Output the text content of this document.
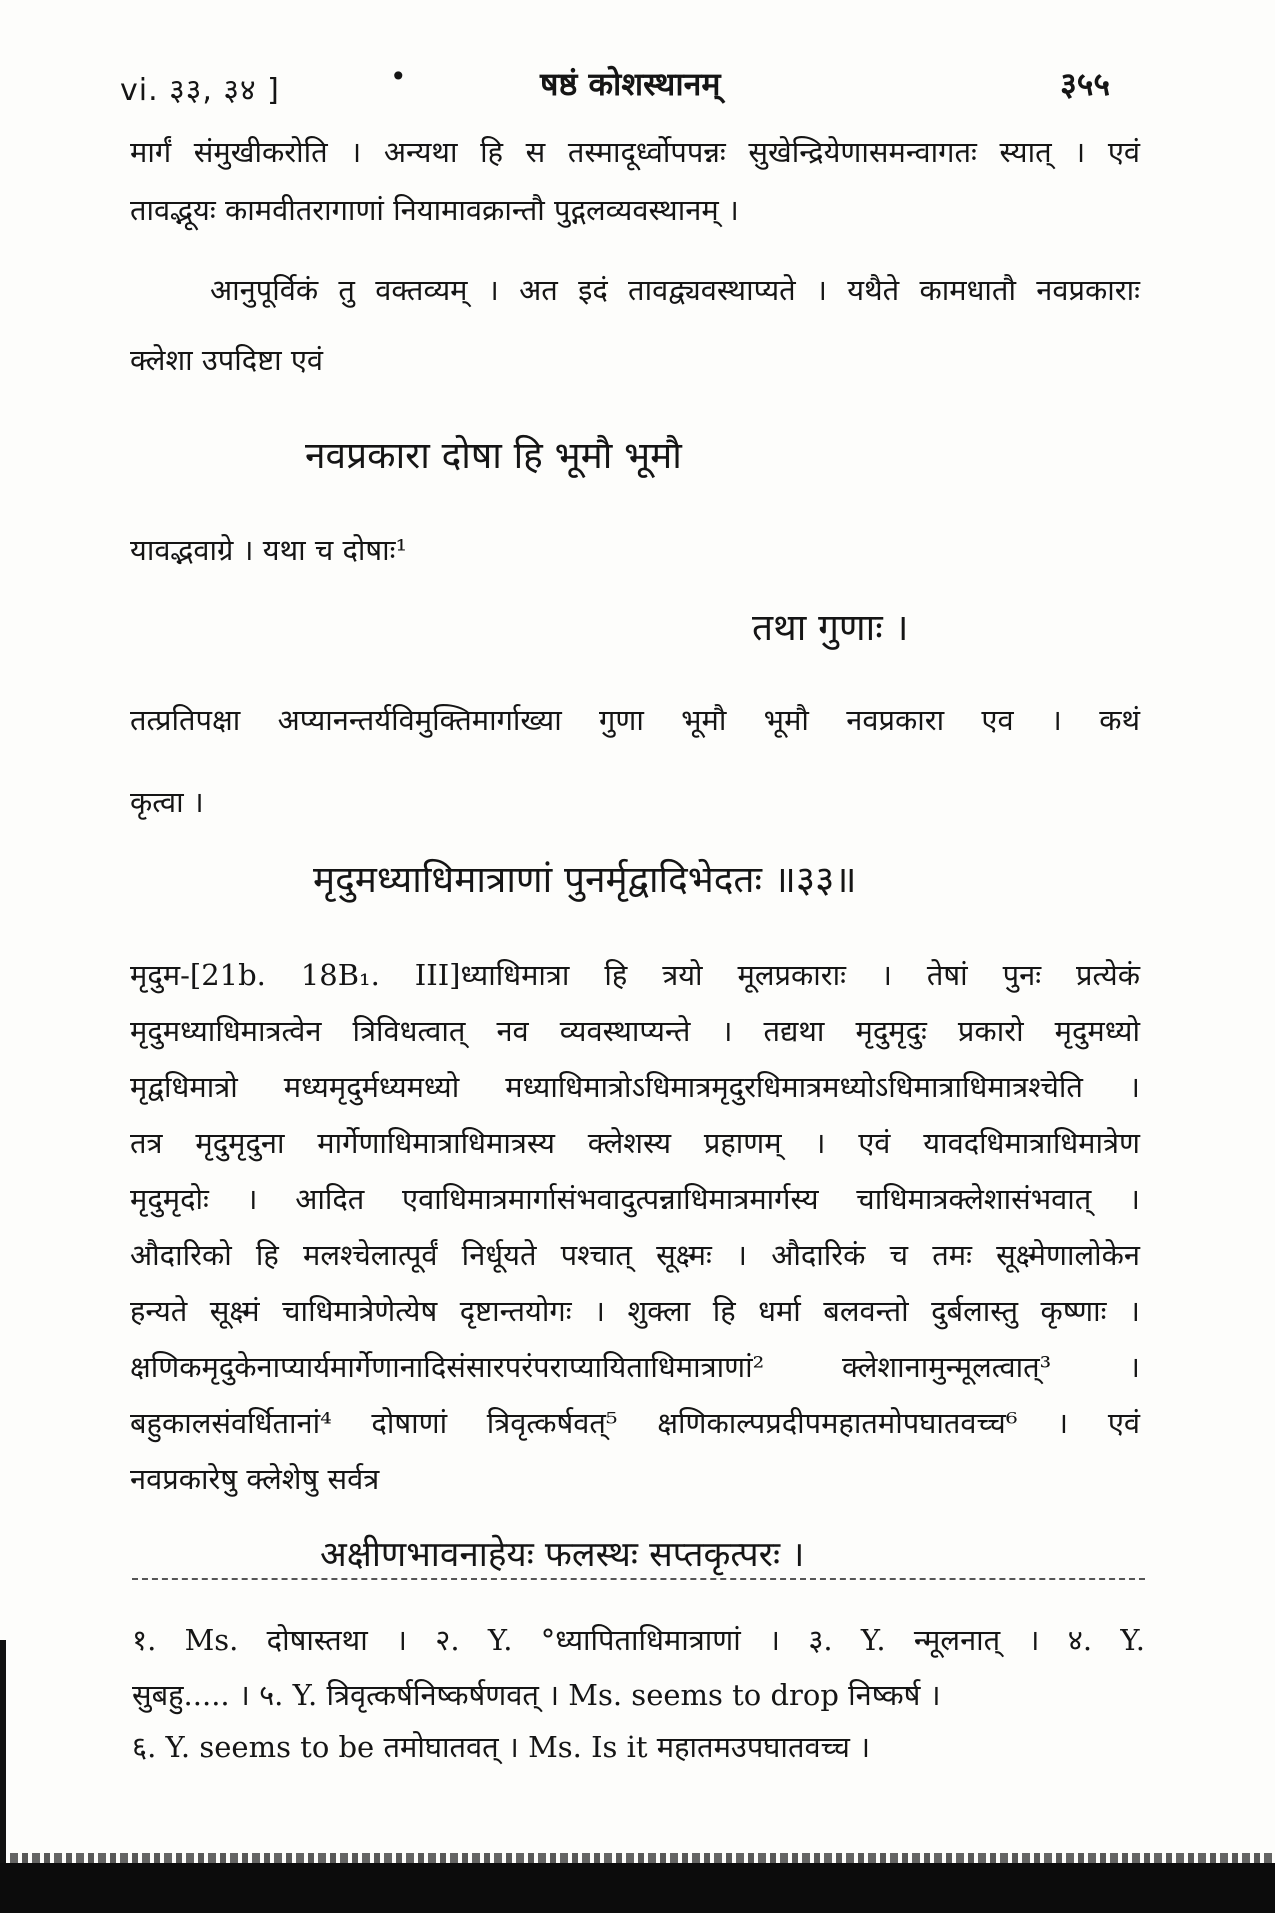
vi. ३३, ३४ ]	•	षष्ठं कोशस्थानम्	३५५
मार्गं संमुखीकरोति । अन्यथा हि स तस्मादूर्ध्वोपपन्नः सुखेन्द्रियेणासमन्वागतः स्यात् । एवं
तावद्भूयः कामवीतरागाणां नियामावक्रान्तौ पुद्गलव्यवस्थानम् ।
आनुपूर्विकं तु वक्तव्यम् । अत इदं तावद्व्यवस्थाप्यते । यथैते कामधातौ नवप्रकाराः
क्लेशा उपदिष्टा एवं
नवप्रकारा दोषा हि भूमौ भूमौ
यावद्भवाग्रे । यथा च दोषाः¹
तथा गुणाः ।
तत्प्रतिपक्षा अप्यानन्तर्यविमुक्तिमार्गाख्या गुणा भूमौ भूमौ नवप्रकारा एव । कथं
कृत्वा ।
मृदुमध्याधिमात्राणां पुनर्मृद्वादिभेदतः ॥३३॥
मृदुम-[21b. 18B₁. III]ध्याधिमात्रा हि त्रयो मूलप्रकाराः । तेषां पुनः प्रत्येकं
मृदुमध्याधिमात्रत्वेन त्रिविधत्वात् नव व्यवस्थाप्यन्ते । तद्यथा मृदुमृदुः प्रकारो मृदुमध्यो
मृद्वधिमात्रो मध्यमृदुर्मध्यमध्यो मध्याधिमात्रोऽधिमात्रमृदुरधिमात्रमध्योऽधिमात्राधिमात्रश्चेति ।
तत्र मृदुमृदुना मार्गेणाधिमात्राधिमात्रस्य क्लेशस्य प्रहाणम् । एवं यावदधिमात्राधिमात्रेण
मृदुमृदोः । आदित एवाधिमात्रमार्गासंभवादुत्पन्नाधिमात्रमार्गस्य चाधिमात्रक्लेशासंभवात् ।
औदारिको हि मलश्चेलात्पूर्वं निर्धूयते पश्चात् सूक्ष्मः । औदारिकं च तमः सूक्ष्मेणालोकेन
हन्यते सूक्ष्मं चाधिमात्रेणेत्येष दृष्टान्तयोगः । शुक्ला हि धर्मा बलवन्तो दुर्बलास्तु कृष्णाः ।
क्षणिकमृदुकेनाप्यार्यमार्गेणानादिसंसारपरंपराप्यायिताधिमात्राणां² क्लेशानामुन्मूलत्वात्³ ।
बहुकालसंवर्धितानां⁴ दोषाणां त्रिवृत्कर्षवत्⁵ क्षणिकाल्पप्रदीपमहातमोपघातवच्च⁶ । एवं
नवप्रकारेषु क्लेशेषु सर्वत्र
अक्षीणभावनाहेयः फलस्थः सप्तकृत्परः ।
१. Ms. दोषास्तथा । २. Y. °ध्यापिताधिमात्राणां । ३. Y. न्मूलनात् । ४. Y.
सुबहु..... । ५. Y. त्रिवृत्कर्षनिष्कर्षणवत् । Ms. seems to drop निष्कर्ष ।
६. Y. seems to be तमोघातवत् । Ms. Is it महातमउपघातवच्च ।
